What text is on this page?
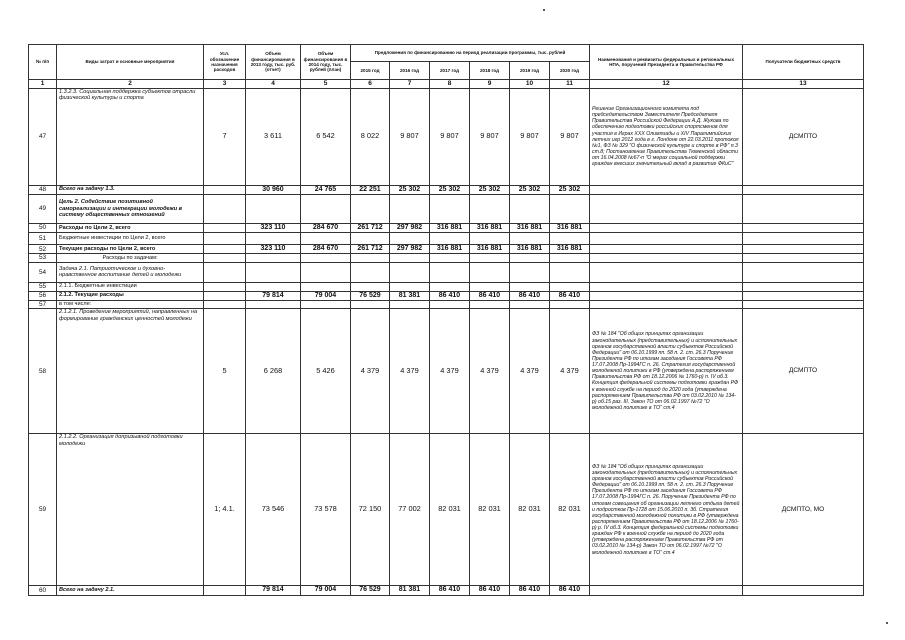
№ п/п	Виды затрат и основные мероприятия	Усл. обозначение назначения расходов	Объем финансирования в 2013 году, тыс. руб. (отчет)	Объем финансирования в 2014 году, тыс. рублей (план)	Предложения по финансированию на период реализации программы, тыс. рублей						Наименования и реквизиты федеральных и региональных НПА, поручений Президента и Правительства РФ	Получатели бюджетных средств
					2015 год	2016 год	2017 год	2018 год	2019 год	2020 год		
1	2	3	4	5	6	7	8	9	10	11	12	13
47	1.3.2.3. Социальная поддержка субъектов отрасли физической культуры и спорта	7	3 611	6 542	8 022	9 807	9 807	9 807	9 807	9 807	Решение Организационного комитета под председательством Заместителя Председателя Правительства Российской Федерации А.Д. Жукова по обеспечению подготовки российских спортсменов для участия в Играх XXX Олимпиады и XIV Паралимпийских летних игр 2012 года в г. Лондоне от 22.03.2011 протокол №1, ФЗ № 329 "О физической культуре и спорте в РФ" п.3 ст.8; Постановление Правительства Тюменской области от 16.04.2008 №67-п "О мерах социальной поддержки граждан внесших значительный вклад в развитие ФКиС"	ДСМПТО
48	Всего на задачу 1.3.		30 960	24 765	22 251	25 302	25 302	25 302	25 302	25 302		
49	Цель 2. Содействие позитивной самореализации и интеграции молодежи в систему общественных отношений											
50	Расходы по Цели 2, всего		323 110	284 670	261 712	297 982	316 881	316 881	316 881	316 881		
51	Бюджетные инвестиции по Цели 2, всего											
52	Текущие расходы по Цели 2, всего		323 110	284 670	261 712	297 982	316 881	316 881	316 881	316 881		
53	Расходы по задачам:											
54	Задача 2.1. Патриотическое и духовно-нравственное воспитание детей и молодежи											
55	2.1.1. Бюджетные инвестиции											
56	2.1.2. Текущие расходы		79 814	79 004	76 529	81 381	86 410	86 410	86 410	86 410		
57	в том числе:											
58	2.1.2.1. Проведение мероприятий, направленных на формирование гражданских ценностей молодежи	5	6 268	5 426	4 379	4 379	4 379	4 379	4 379	4 379	ФЗ № 184 "Об общих принципах организации законодательных (представительных) и исполнительных органов государственной власти субъектов Российской Федерации" от 06.10.1999 пп. 58 п. 2. ст. 26.3 Поручение Президента РФ по итогам заседания Госсовета РФ 17.07.2008 Пр-1994ГС п. 26. Стратегия государственной молодежной политики в РФ (утверждена распоряжением Правительства РФ от 18.12.2006 № 1760-р) п. IV об.3. Концепция федеральной системы подготовки граждан РФ к военной службе на период до 2020 года (утверждена распоряжением Правительства РФ от 03.02.2010 № 134-р) об.15 раз. III. Закон ТО от 06.02.1997 №72 "О молодежной политике в ТО" ст.4	ДСМПТО
59	2.1.2.2. Организация допризывной подготовки молодежи	1; 4.1.	73 546	73 578	72 150	77 002	82 031	82 031	82 031	82 031	ФЗ № 184 "Об общих принципах организации законодательных (представительных) и исполнительных органов государственной власти субъектов Российской Федерации" от 06.10.1999 пп. 58 п. 2. ст. 26.3 Поручение Президента РФ по итогам заседания Госсовета РФ 17.07.2008 Пр-1994ГС п. 26. Поручение Президента РФ по итогам совещания об организации летнего отдыха детей и подростков Пр-1728 от 15.06.2010 п. 3б. Стратегия государственной молодежной политики в РФ (утверждена распоряжением Правительства РФ от 18.12.2006 № 1760-р) р. IV об.3. Концепция федеральной системы подготовки граждан РФ к военной службе на период до 2020 года (утверждена распоряжением Правительства РФ от 03.02.2010 № 134-р) Закон ТО от 06.02.1997 №72 "О молодежной политике в ТО" ст.4	ДСМПТО, МО
60	Всего на задачу 2.1.		79 814	79 004	76 529	81 381	86 410	86 410	86 410	86 410		
